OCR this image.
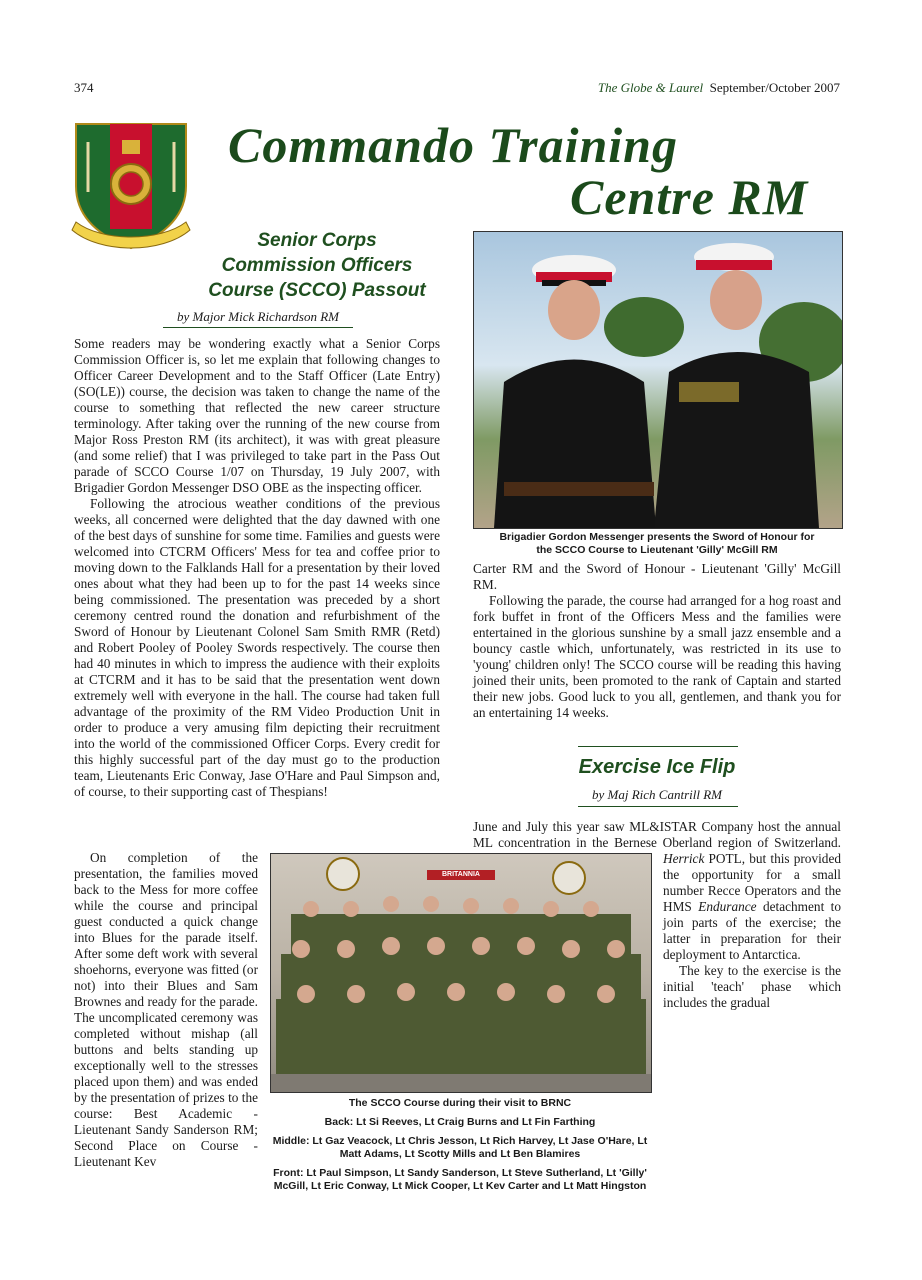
374	The Globe & Laurel September/October 2007
Commando Training
Centre RM
Senior Corps
Commission Officers
Course (SCCO) Passout
by Major Mick Richardson RM

Some readers may be wondering exactly what a Senior Corps Commission Officer is, so let me explain that following changes to Officer Career Development and to the Staff Officer (Late Entry) (SO(LE)) course, the decision was taken to change the name of the course to something that reflected the new career structure terminology. After taking over the running of the new course from Major Ross Preston RM (its architect), it was with great pleasure (and some relief) that I was privileged to take part in the Pass Out parade of SCCO Course 1/07 on Thursday, 19 July 2007, with Brigadier Gordon Messenger DSO OBE as the inspecting officer.

Following the atrocious weather conditions of the previous weeks, all concerned were delighted that the day dawned with one of the best days of sunshine for some time. Families and guests were welcomed into CTCRM Officers' Mess for tea and coffee prior to moving down to the Falklands Hall for a presentation by their loved ones about what they had been up to for the past 14 weeks since being commissioned. The presentation was preceded by a short ceremony centred round the donation and refurbishment of the Sword of Honour by Lieutenant Colonel Sam Smith RMR (Retd) and Robert Pooley of Pooley Swords respectively. The course then had 40 minutes in which to impress the audience with their exploits at CTCRM and it has to be said that the presentation went down extremely well with everyone in the hall. The course had taken full advantage of the proximity of the RM Video Production Unit in order to produce a very amusing film depicting their recruitment into the world of the commissioned Officer Corps. Every credit for this highly successful part of the day must go to the production team, Lieutenants Eric Conway, Jase O'Hare and Paul Simpson and, of course, to their supporting cast of Thespians!

On completion of the presentation, the families moved back to the Mess for more coffee while the course and principal guest conducted a quick change into Blues for the parade itself. After some deft work with several shoehorns, everyone was fitted (or not) into their Blues and Sam Brownes and ready for the parade. The uncomplicated ceremony was completed without mishap (all buttons and belts standing up exceptionally well to the stresses placed upon them) and was ended by the presentation of prizes to the course: Best Academic - Lieutenant Sandy Sanderson RM; Second Place on Course - Lieutenant Kev

Brigadier Gordon Messenger presents the Sword of Honour for
the SCCO Course to Lieutenant 'Gilly' McGill RM

Carter RM and the Sword of Honour - Lieutenant 'Gilly' McGill RM.

Following the parade, the course had arranged for a hog roast and fork buffet in front of the Officers Mess and the families were entertained in the glorious sunshine by a small jazz ensemble and a bouncy castle which, unfortunately, was restricted in its use to 'young' children only! The SCCO course will be reading this having joined their units, been promoted to the rank of Captain and started their new jobs. Good luck to you all, gentlemen, and thank you for an entertaining 14 weeks.

Exercise Ice Flip
by Maj Rich Cantrill RM

June and July this year saw ML&ISTAR Company host the annual ML concentration in the Bernese Oberland region of Switzerland.

Herrick POTL, but this provided the opportunity for a small number Recce Operators and the HMS Endurance detachment to join parts of the exercise; the latter in preparation for their deployment to Antarctica.

The key to the exercise is the initial 'teach' phase which includes the gradual

BRITANNIA
The SCCO Course during their visit to BRNC
Back: Lt Si Reeves, Lt Craig Burns and Lt Fin Farthing
Middle: Lt Gaz Veacock, Lt Chris Jesson, Lt Rich Harvey, Lt Jase O'Hare, Lt Matt Adams, Lt Scotty Mills and Lt Ben Blamires
Front: Lt Paul Simpson, Lt Sandy Sanderson, Lt Steve Sutherland, Lt 'Gilly' McGill, Lt Eric Conway, Lt Mick Cooper, Lt Kev Carter and Lt Matt Hingston
